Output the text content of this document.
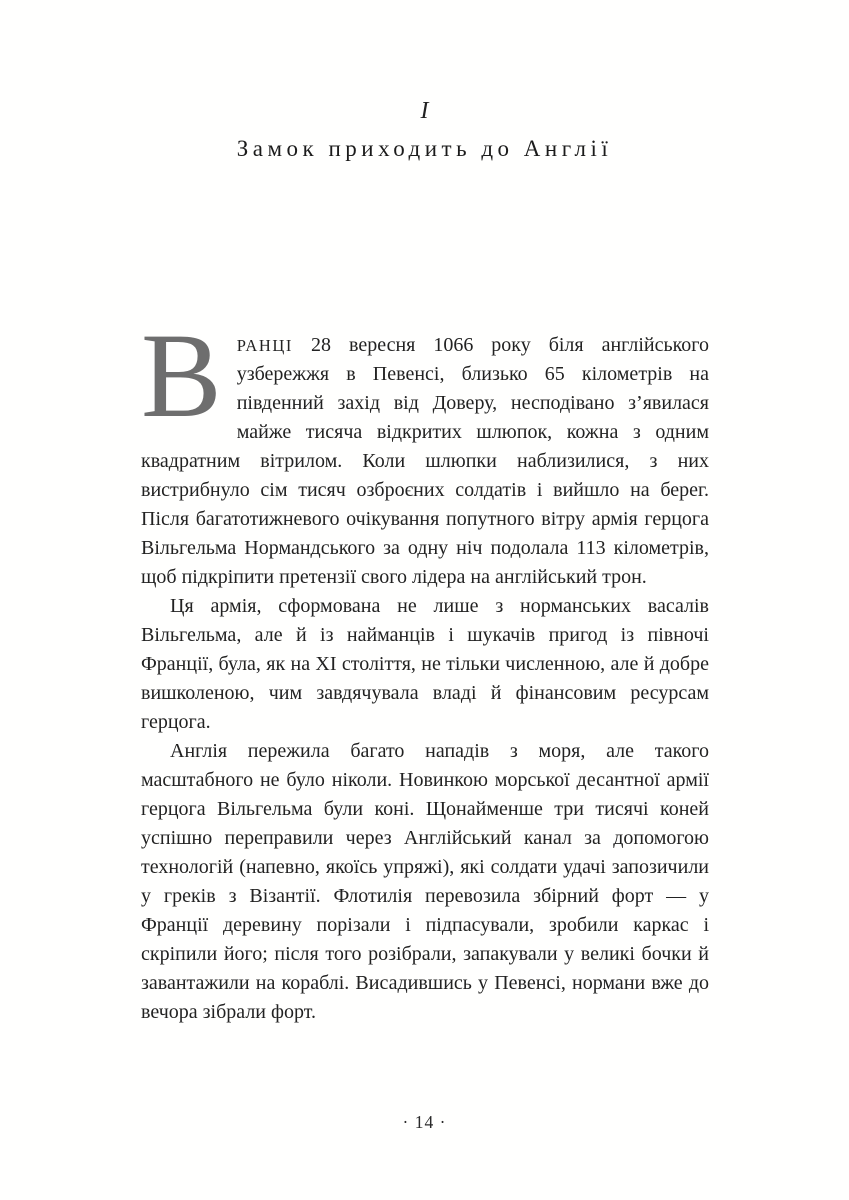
I
Замок приходить до Англії

В РАНЦІ 28 вересня 1066 року біля англійського узбережжя в Певенсі, близько 65 кілометрів на південний захід від Доверу, несподівано з’явилася майже тисяча відкритих шлюпок, кожна з одним квадратним вітрилом. Коли шлюпки наблизилися, з них вистрибнуло сім тисяч озброєних солдатів і вийшло на берег. Після багатотижневого очікування попутного вітру армія герцога Вільгельма Нормандського за одну ніч подолала 113 кілометрів, щоб підкріпити претензії свого лідера на англійський трон.

Ця армія, сформована не лише з норманських васалів Вільгельма, але й із найманців і шукачів пригод із півночі Франції, була, як на XI століття, не тільки численною, але й добре вишколеною, чим завдячувала владі й фінансовим ресурсам герцога.

Англія пережила багато нападів з моря, але такого масштабного не було ніколи. Новинкою морської десантної армії герцога Вільгельма були коні. Щонайменше три тисячі коней успішно переправили через Англійський канал за допомогою технологій (напевно, якоїсь упряжі), які солдати удачі запозичили у греків з Візантії. Флотилія перевозила збірний форт — у Франції деревину порізали і підпасували, зробили каркас і скріпили його; після того розібрали, запакували у великі бочки й завантажили на кораблі. Висадившись у Певенсі, нормани вже до вечора зібрали форт.

· 14 ·
